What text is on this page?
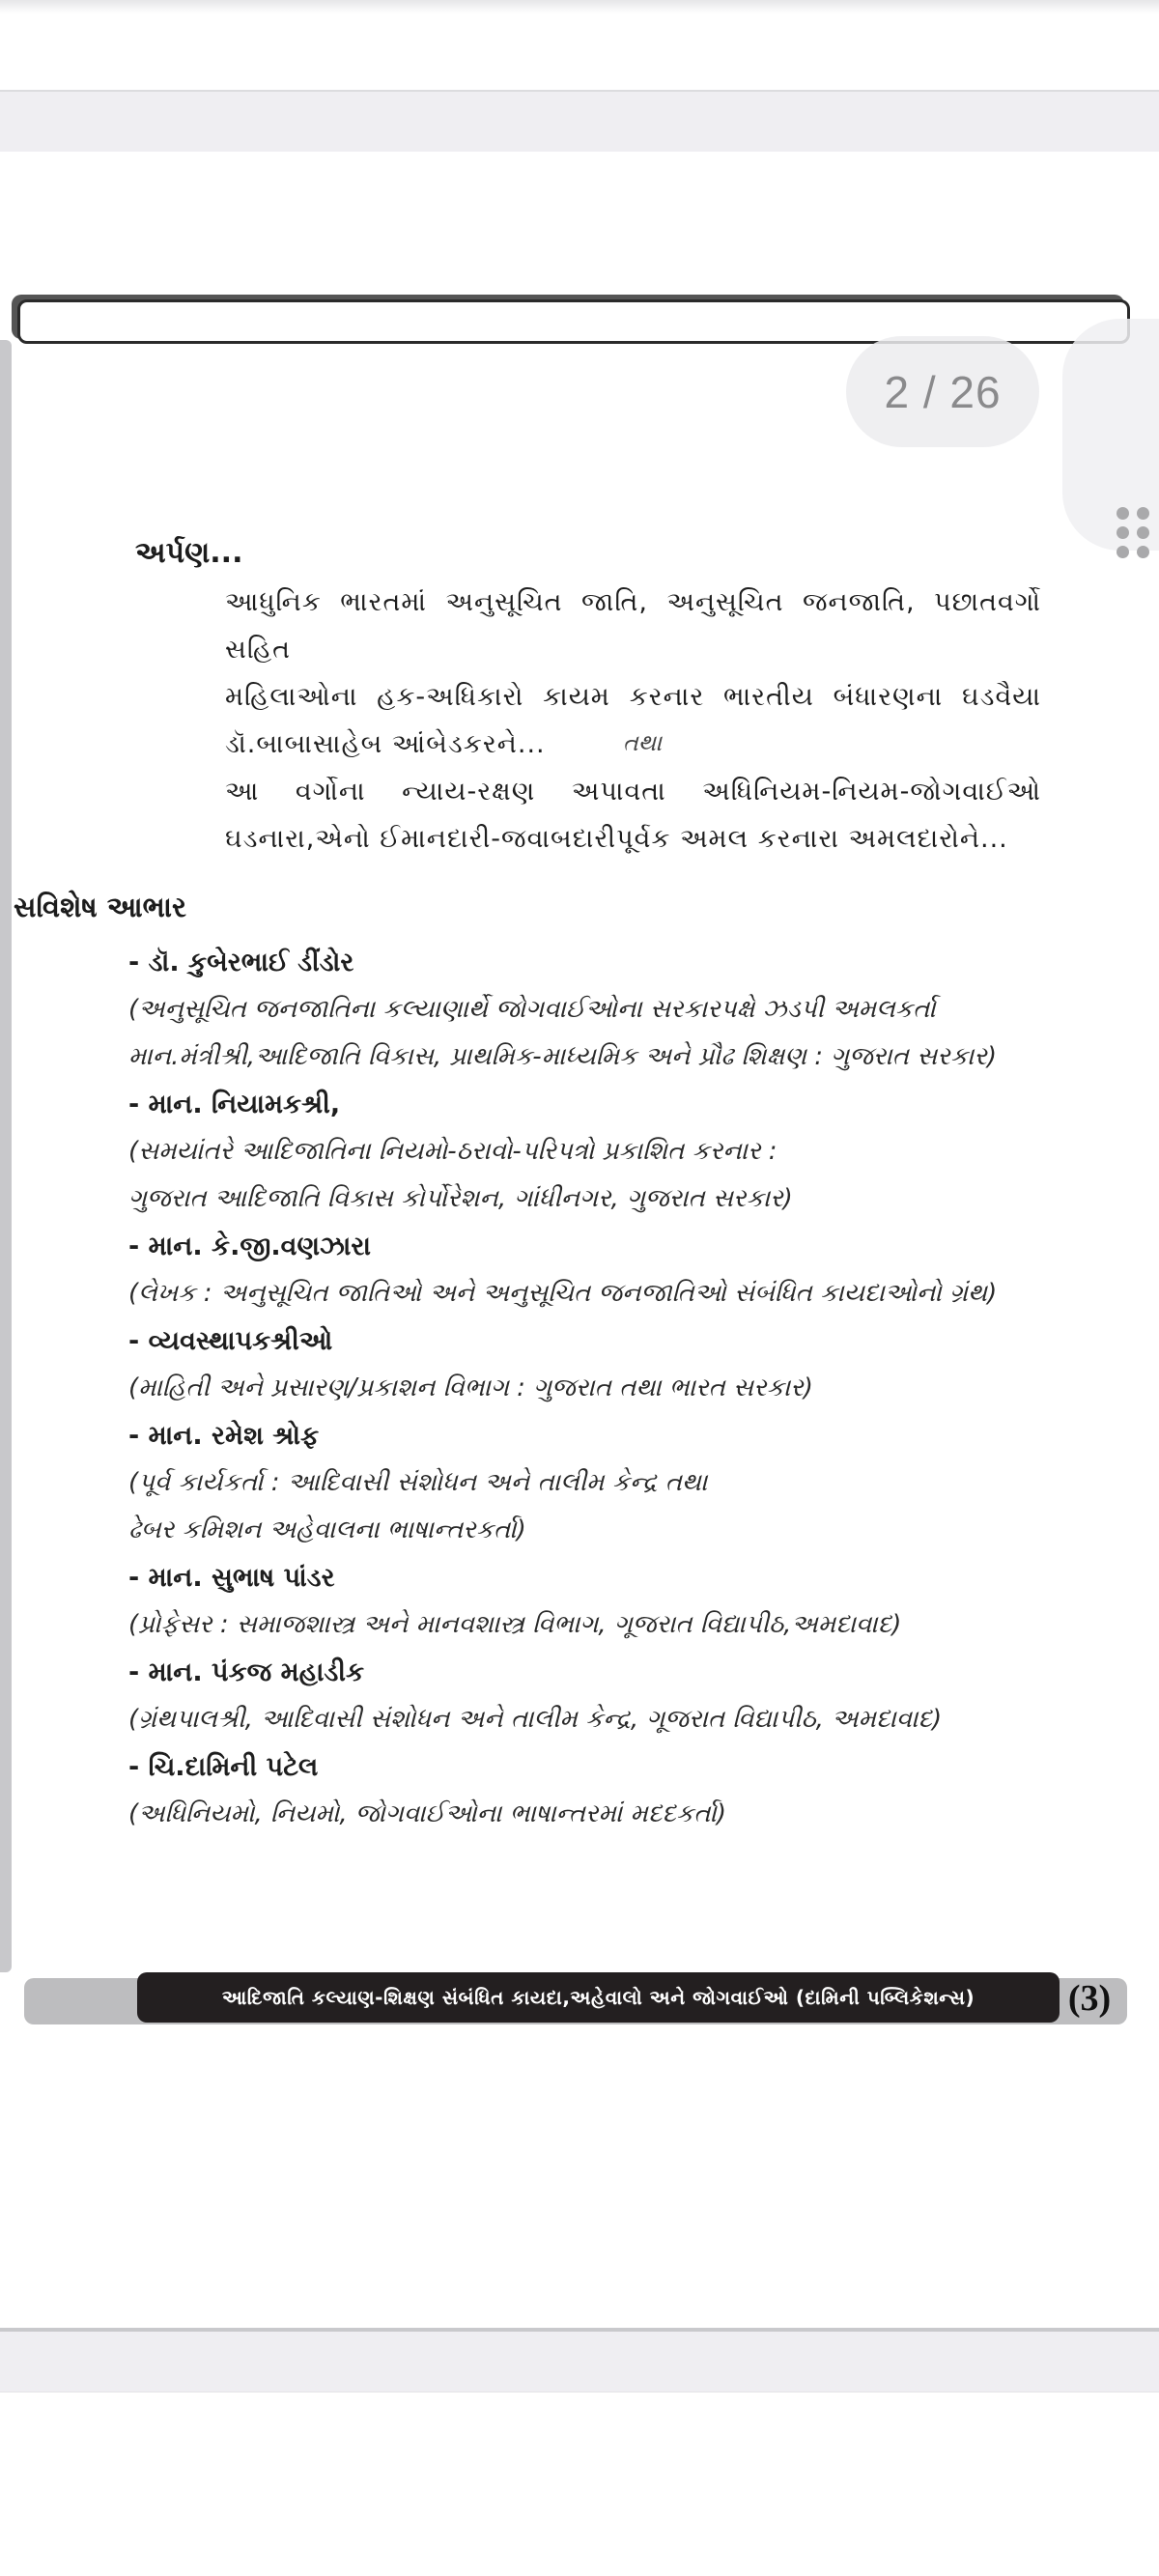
2 / 26
અર્પણ...
આધુનિક ભારતમાં અનુસૂચિત જાતિ, અનુસૂચિત જનજાતિ, પછાતવર્ગો સહિત
મહિલાઓના હક-અધિકારો કાયમ કરનાર ભારતીય બંધારણના ઘડવૈયા
ડૉ.બાબાસાહેબ આંબેડકરને...	તથા
આ વર્ગોના ન્યાય-રક્ષણ અપાવતા અધિનિયમ-નિયમ-જોગવાઈઓ
ઘડનારા,એનો ઈમાનદારી-જવાબદારીપૂર્વક અમલ કરનારા અમલદારોને...
સવિશેષ આભાર
- ડૉ. કુબેરભાઈ ડીંડોર
(અનુસૂચિત જનજાતિના કલ્યાણાર્થે જોગવાઈઓના સરકારપક્ષે ઝડપી અમલકર્તા
માન.મંત્રીશ્રી,આદિજાતિ વિકાસ, પ્રાથમિક-માધ્યમિક અને પ્રૌઢ શિક્ષણ : ગુજરાત સરકાર)
- માન. નિયામકશ્રી,
(સમયાંતરે આદિજાતિના નિયમો-ઠરાવો-પરિપત્રો પ્રકાશિત કરનાર :
ગુજરાત આદિજાતિ વિકાસ કોર્પોરેશન, ગાંધીનગર, ગુજરાત સરકાર)
- માન. કે.જી.વણઝારા
(લેખક : અનુસૂચિત જાતિઓ અને અનુસૂચિત જનજાતિઓ સંબંધિત કાયદાઓનો ગ્રંથ)
- વ્યવસ્થાપકશ્રીઓ
(માહિતી અને પ્રસારણ/પ્રકાશન વિભાગ : ગુજરાત તથા ભારત સરકાર)
- માન. રમેશ શ્રોફ
(પૂર્વ કાર્યકર્તા : આદિવાસી સંશોધન અને તાલીમ કેન્દ્ર તથા
ઢેબર કમિશન અહેવાલના ભાષાન્તરકર્તા)
- માન. સુભાષ પાંડર
(પ્રોફેસર : સમાજશાસ્ત્ર અને માનવશાસ્ત્ર વિભાગ, ગૂજરાત વિદ્યાપીઠ,અમદાવાદ)
- માન. પંકજ મહાડીક
(ગ્રંથપાલશ્રી, આદિવાસી સંશોધન અને તાલીમ કેન્દ્ર, ગૂજરાત વિદ્યાપીઠ, અમદાવાદ)
- ચિ.દામિની પટેલ
(અધિનિયમો, નિયમો, જોગવાઈઓના ભાષાન્તરમાં મદદકર્તા)
આદિજાતિ કલ્યાણ-શિક્ષણ સંબંધિત કાયદા,અહેવાલો અને જોગવાઈઓ (દામિની પબ્લિકેશન્સ)	(3)
